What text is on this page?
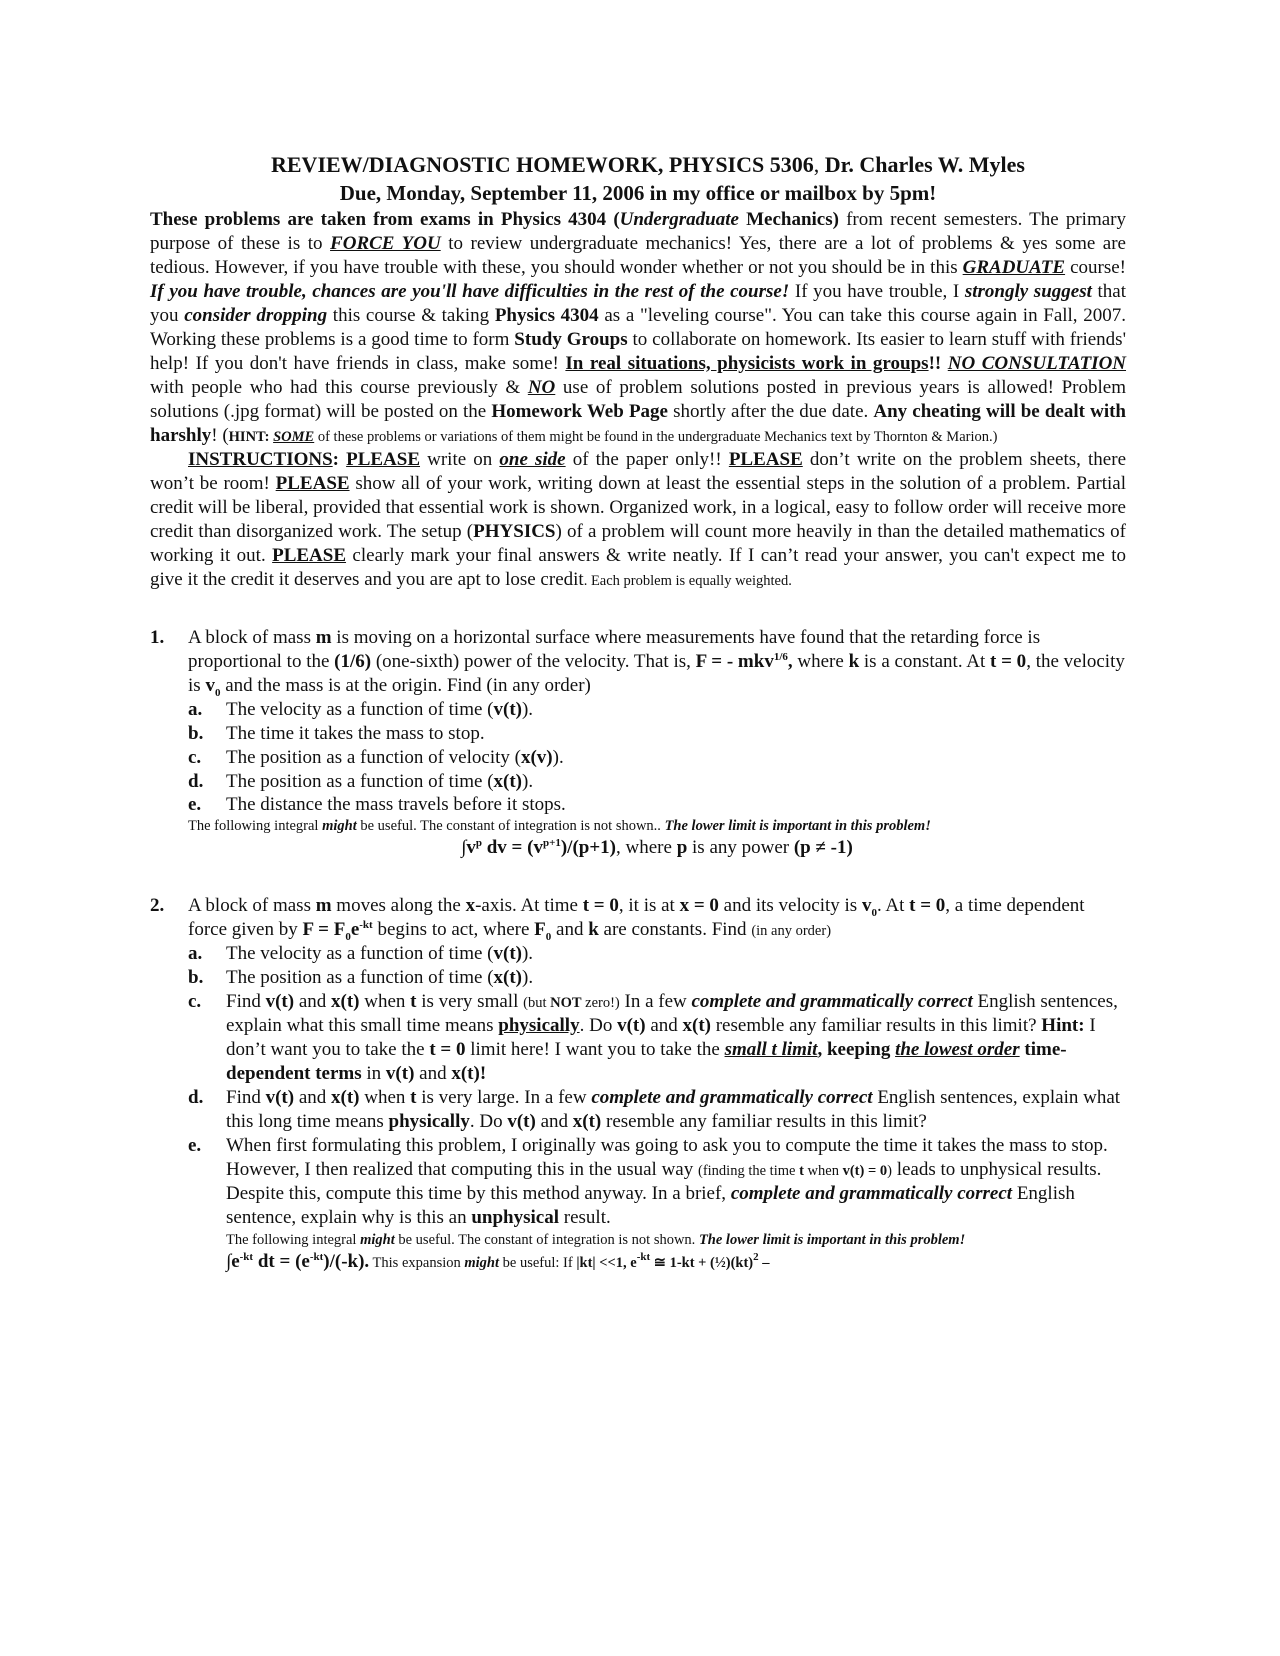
REVIEW/DIAGNOSTIC HOMEWORK, PHYSICS 5306, Dr. Charles W. Myles
Due, Monday, September 11, 2006 in my office or mailbox by 5pm!
These problems are taken from exams in Physics 4304 (Undergraduate Mechanics) from recent semesters. The primary purpose of these is to FORCE YOU to review undergraduate mechanics! Yes, there are a lot of problems & yes some are tedious. However, if you have trouble with these, you should wonder whether or not you should be in this GRADUATE course! If you have trouble, chances are you'll have difficulties in the rest of the course! If you have trouble, I strongly suggest that you consider dropping this course & taking Physics 4304 as a "leveling course". You can take this course again in Fall, 2007. Working these problems is a good time to form Study Groups to collaborate on homework. Its easier to learn stuff with friends' help! If you don't have friends in class, make some! In real situations, physicists work in groups!! NO CONSULTATION with people who had this course previously & NO use of problem solutions posted in previous years is allowed! Problem solutions (.jpg format) will be posted on the Homework Web Page shortly after the due date. Any cheating will be dealt with harshly! (HINT: SOME of these problems or variations of them might be found in the undergraduate Mechanics text by Thornton & Marion.)
INSTRUCTIONS: PLEASE write on one side of the paper only!! PLEASE don’t write on the problem sheets, there won’t be room! PLEASE show all of your work, writing down at least the essential steps in the solution of a problem. Partial credit will be liberal, provided that essential work is shown. Organized work, in a logical, easy to follow order will receive more credit than disorganized work. The setup (PHYSICS) of a problem will count more heavily in than the detailed mathematics of working it out. PLEASE clearly mark your final answers & write neatly. If I can’t read your answer, you can't expect me to give it the credit it deserves and you are apt to lose credit. Each problem is equally weighted.
1. A block of mass m is moving on a horizontal surface where measurements have found that the retarding force is proportional to the (1/6) (one-sixth) power of the velocity. That is, F = - mkv$^{1/6}$, where k is a constant. At t = 0, the velocity is $v_0$ and the mass is at the origin. Find (in any order)
a. The velocity as a function of time (v(t)).
b. The time it takes the mass to stop.
c. The position as a function of velocity (x(v)).
d. The position as a function of time (x(t)).
e. The distance the mass travels before it stops.
The following integral might be useful. The constant of integration is not shown.. The lower limit is important in this problem!
$\int v^p$ dv = $(v^{p+1})/(p+1)$, where p is any power (p ≠ -1)
2. A block of mass m moves along the x-axis. At time t = 0, it is at x = 0 and its velocity is $v_0$. At t = 0, a time dependent force given by $F = F_0e^{-kt}$ begins to act, where $F_0$ and k are constants. Find (in any order)
a. The velocity as a function of time (v(t)).
b. The position as a function of time (x(t)).
c. Find v(t) and x(t) when t is very small (but NOT zero!) In a few complete and grammatically correct English sentences, explain what this small time means physically. Do v(t) and x(t) resemble any familiar results in this limit? Hint: I don’t want you to take the t = 0 limit here! I want you to take the small t limit, keeping the lowest order time-dependent terms in v(t) and x(t)!
d. Find v(t) and x(t) when t is very large. In a few complete and grammatically correct English sentences, explain what this long time means physically. Do v(t) and x(t) resemble any familiar results in this limit?
e. When first formulating this problem, I originally was going to ask you to compute the time it takes the mass to stop. However, I then realized that computing this in the usual way (finding the time t when v(t) = 0) leads to unphysical results. Despite this, compute this time by this method anyway. In a brief, complete and grammatically correct English sentence, explain why is this an unphysical result.
The following integral might be useful. The constant of integration is not shown. The lower limit is important in this problem!
$\int e^{-kt}$ dt = $(e^{-kt})/(-k)$. This expansion might be useful: If |kt| <<1, $e^{-kt}$ ≅ 1-kt + (½)(kt)$^2$ –
